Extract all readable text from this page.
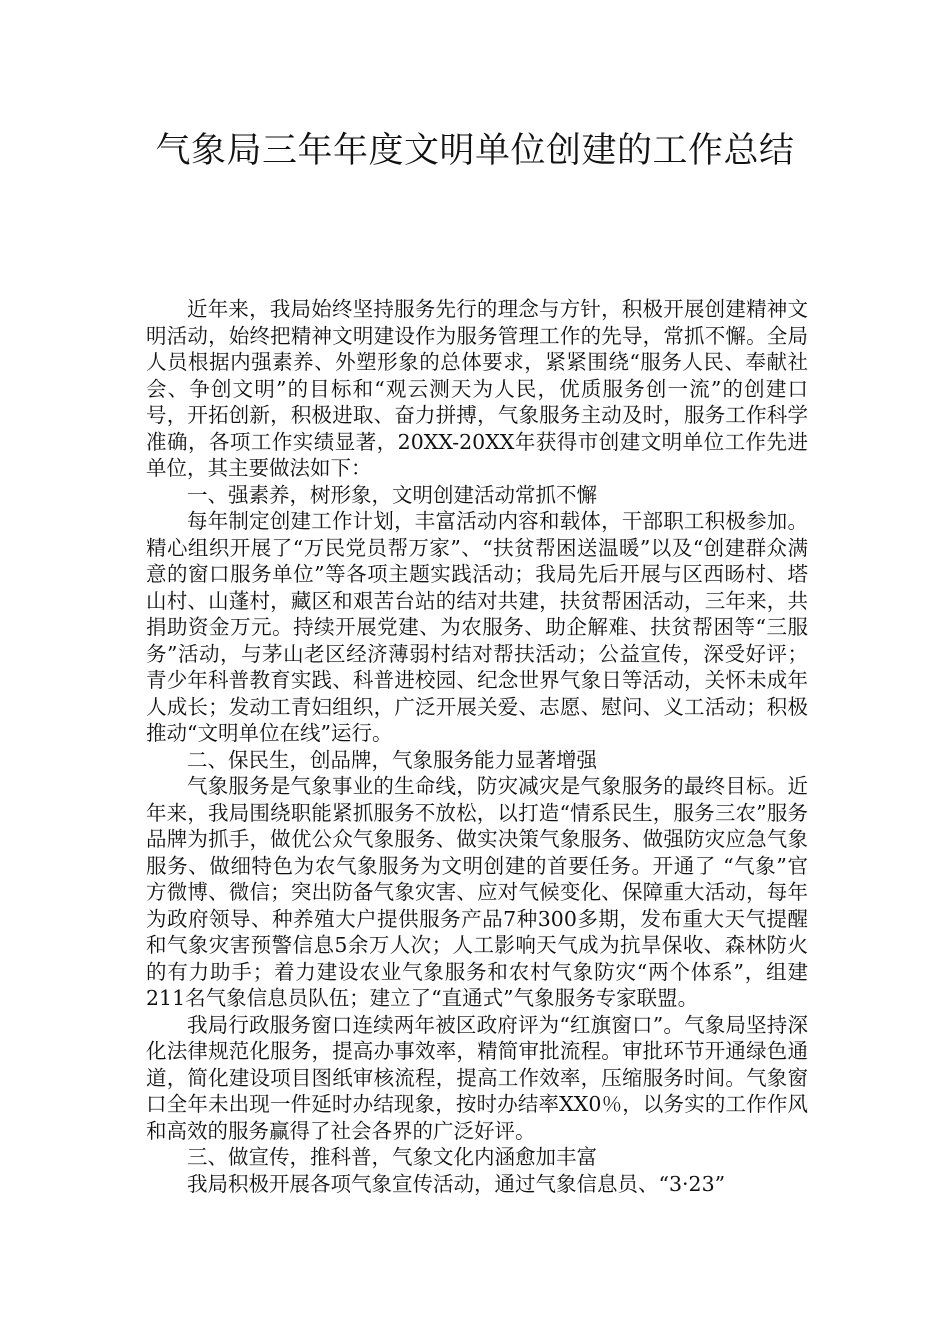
气象局三年年度文明单位创建的工作总结

近年来，我局始终坚持服务先行的理念与方针，积极开展创建精神文明活动，始终把精神文明建设作为服务管理工作的先导，常抓不懈。全局人员根据内强素养、外塑形象的总体要求，紧紧围绕“服务人民、奉献社会、争创文明”的目标和“观云测天为人民，优质服务创一流”的创建口号，开拓创新，积极进取、奋力拼搏，气象服务主动及时，服务工作科学准确，各项工作实绩显著，20XX-20XX年获得市创建文明单位工作先进单位，其主要做法如下：

一、强素养，树形象，文明创建活动常抓不懈

每年制定创建工作计划，丰富活动内容和载体，干部职工积极参加。精心组织开展了“万民党员帮万家”、“扶贫帮困送温暖”以及“创建群众满意的窗口服务单位”等各项主题实践活动；我局先后开展与区西旸村、塔山村、山蓬村，藏区和艰苦台站的结对共建，扶贫帮困活动，三年来，共捐助资金万元。持续开展党建、为农服务、助企解难、扶贫帮困等“三服务”活动，与茅山老区经济薄弱村结对帮扶活动；公益宣传，深受好评；青少年科普教育实践、科普进校园、纪念世界气象日等活动，关怀未成年人成长；发动工青妇组织，广泛开展关爱、志愿、慰问、义工活动；积极推动“文明单位在线”运行。

二、保民生，创品牌，气象服务能力显著增强

气象服务是气象事业的生命线，防灾减灾是气象服务的最终目标。近年来，我局围绕职能紧抓服务不放松，以打造“情系民生，服务三农”服务品牌为抓手，做优公众气象服务、做实决策气象服务、做强防灾应急气象服务、做细特色为农气象服务为文明创建的首要任务。开通了 “气象”官方微博、微信；突出防备气象灾害、应对气候变化、保障重大活动，每年为政府领导、种养殖大户提供服务产品7种300多期，发布重大天气提醒和气象灾害预警信息5余万人次；人工影响天气成为抗旱保收、森林防火的有力助手；着力建设农业气象服务和农村气象防灾“两个体系”，组建211名气象信息员队伍；建立了“直通式”气象服务专家联盟。

我局行政服务窗口连续两年被区政府评为“红旗窗口”。气象局坚持深化法律规范化服务，提高办事效率，精简审批流程。审批环节开通绿色通道，简化建设项目图纸审核流程，提高工作效率，压缩服务时间。气象窗口全年未出现一件延时办结现象，按时办结率XX0％，以务实的工作作风和高效的服务赢得了社会各界的广泛好评。

三、做宣传，推科普，气象文化内涵愈加丰富

我局积极开展各项气象宣传活动，通过气象信息员、“3·23”
